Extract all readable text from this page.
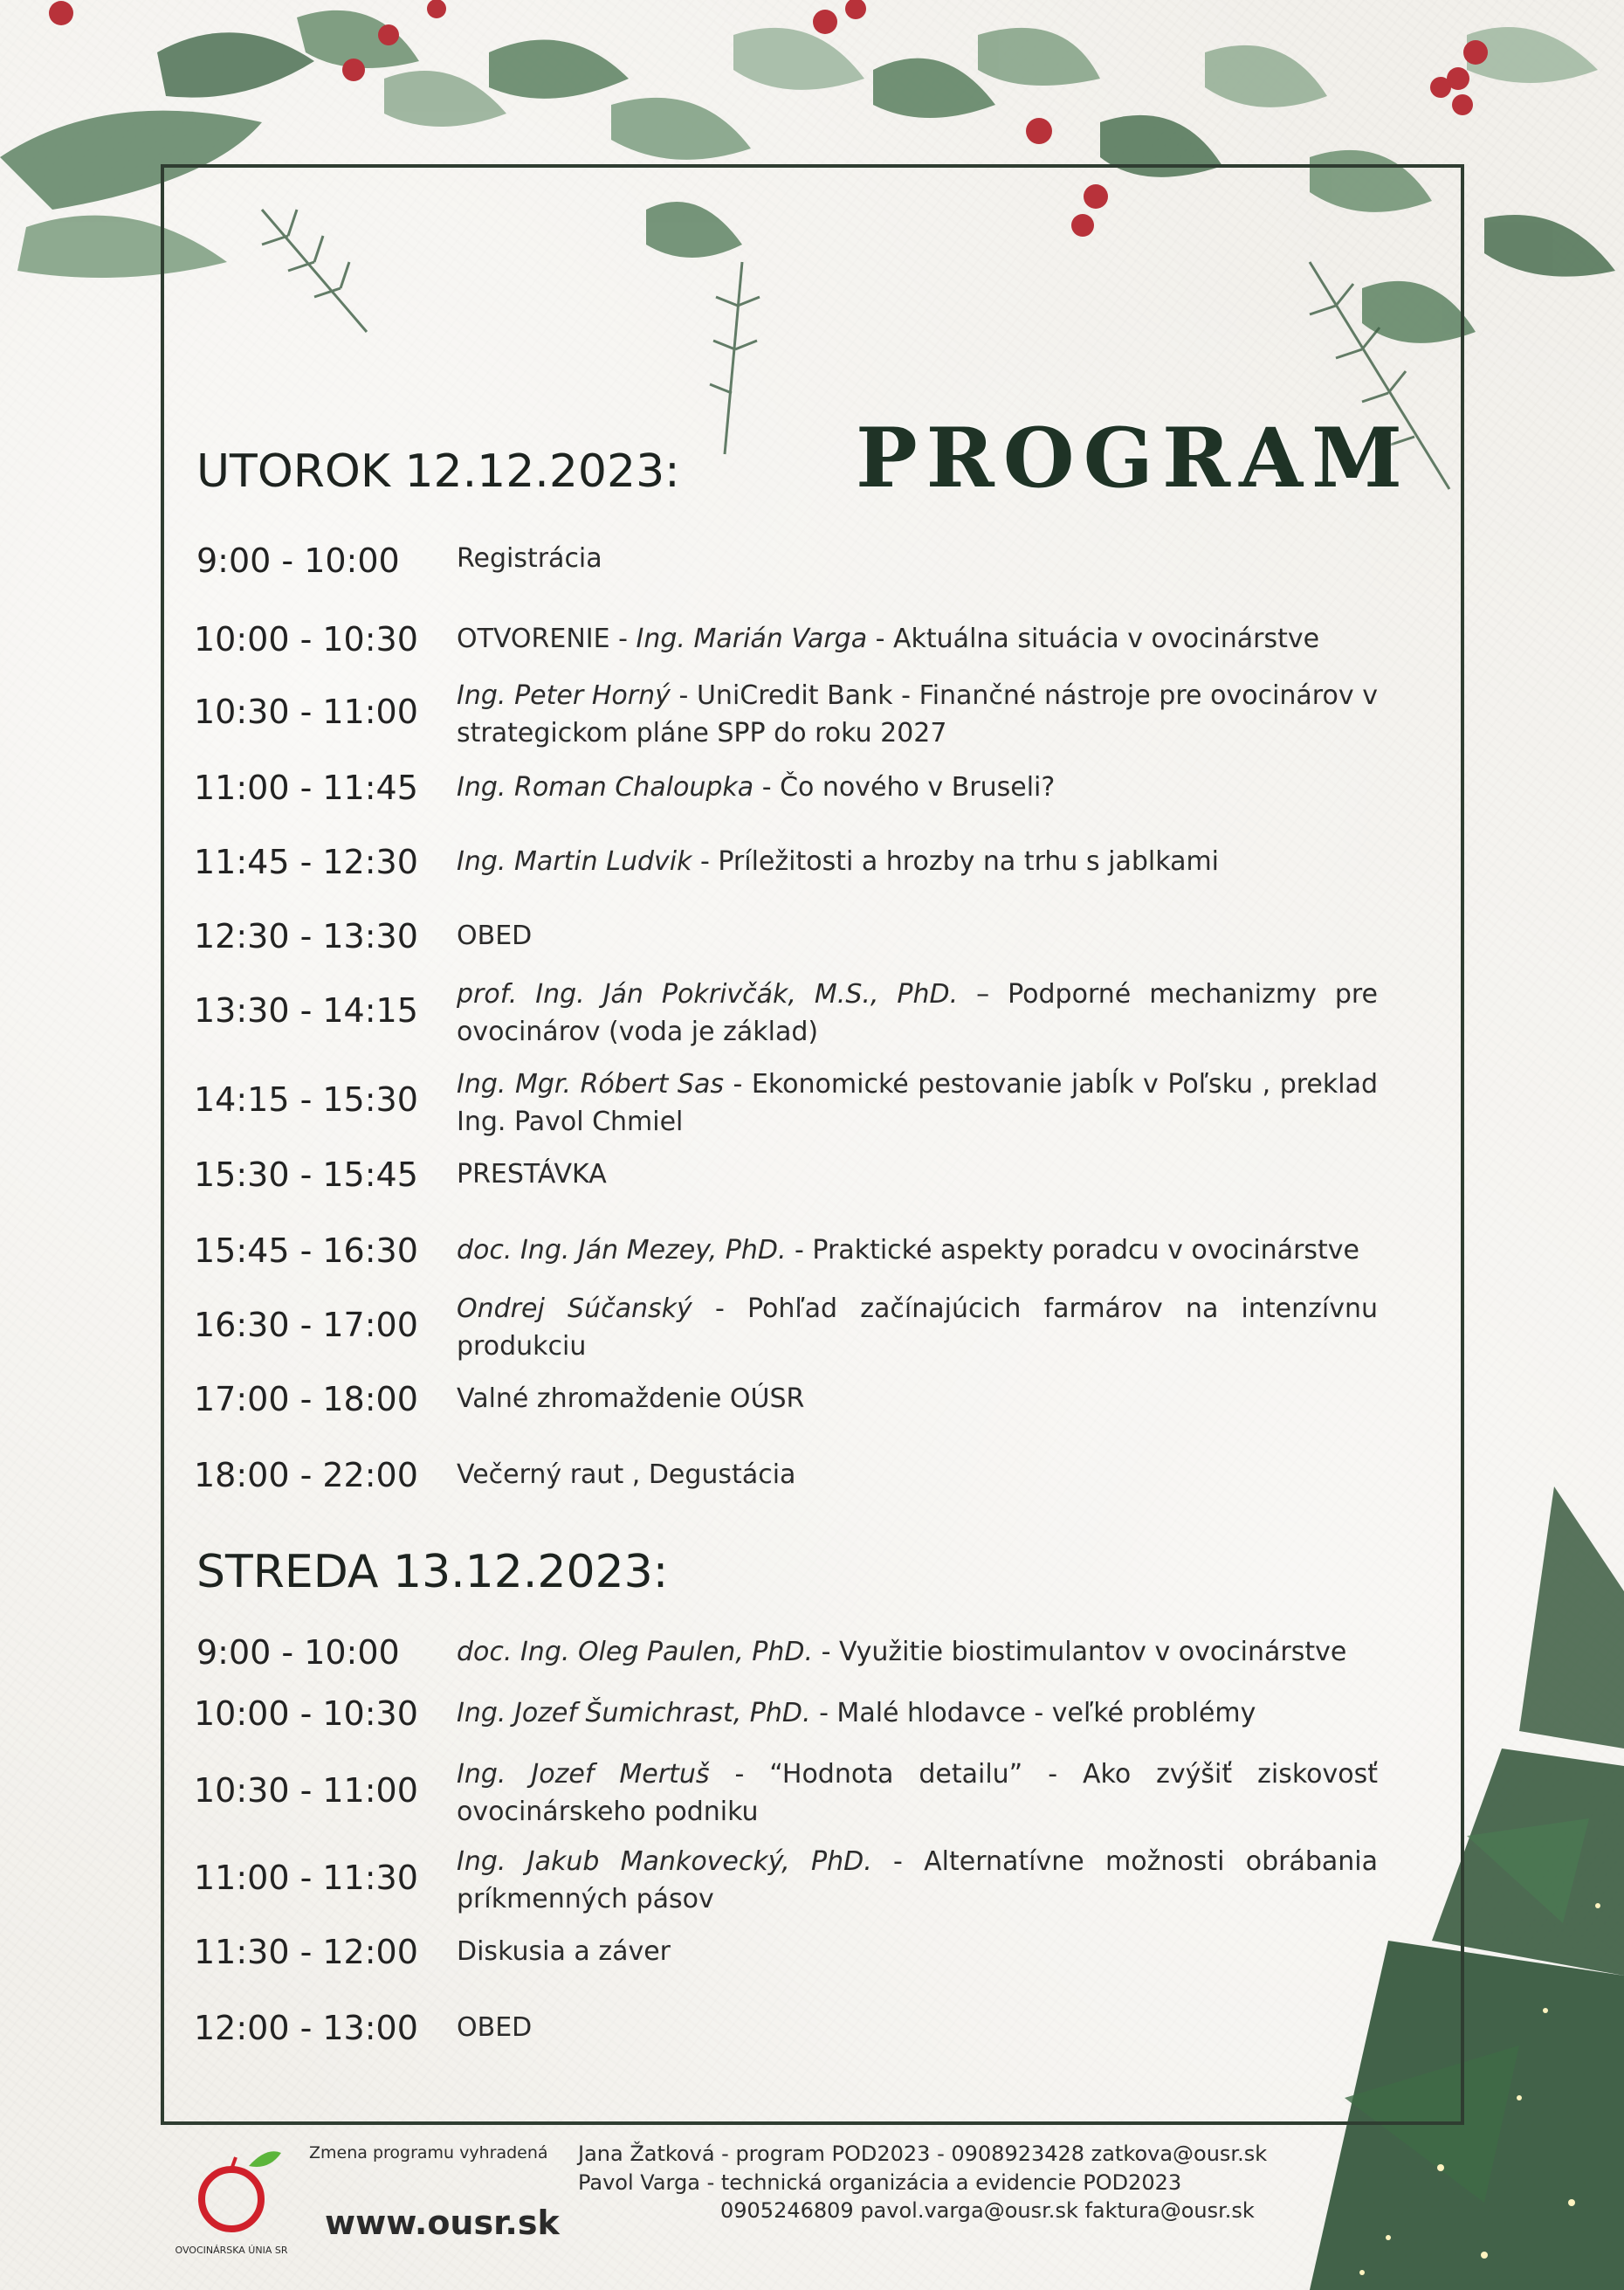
PROGRAM
UTOROK 12.12.2023:
9:00 - 10:00	Registrácia
10:00 - 10:30	OTVORENIE - Ing. Marián Varga - Aktuálna situácia v ovocinárstve
10:30 - 11:00	Ing. Peter Horný - UniCredit Bank - Finančné nástroje pre ovocinárov v strategickom pláne SPP do roku 2027
11:00 - 11:45	Ing. Roman Chaloupka - Čo nového v Bruseli?
11:45 - 12:30	Ing. Martin Ludvik - Príležitosti a hrozby na trhu s jablkami
12:30 - 13:30	OBED
13:30 - 14:15	prof. Ing. Ján Pokrivčák, M.S., PhD. – Podporné mechanizmy pre ovocinárov (voda je základ)
14:15 - 15:30	Ing. Mgr. Róbert Sas - Ekonomické pestovanie jabĺk v Poľsku , preklad Ing. Pavol Chmiel
15:30 - 15:45	PRESTÁVKA
15:45 - 16:30	doc. Ing. Ján Mezey, PhD. - Praktické aspekty poradcu v ovocinárstve
16:30 - 17:00	Ondrej Súčanský - Pohľad začínajúcich farmárov na intenzívnu produkciu
17:00 - 18:00	Valné zhromaždenie OÚSR
18:00 - 22:00	Večerný raut , Degustácia
STREDA 13.12.2023:
9:00 - 10:00	doc. Ing. Oleg Paulen, PhD. - Využitie biostimulantov v ovocinárstve
10:00 - 10:30	Ing. Jozef Šumichrast, PhD. - Malé hlodavce - veľké problémy
10:30 - 11:00	Ing. Jozef Mertuš - “Hodnota detailu” - Ako zvýšiť ziskovosť ovocinárskeho podniku
11:00 - 11:30	Ing. Jakub Mankovecký, PhD. - Alternatívne možnosti obrábania príkmenných pásov
11:30 - 12:00	Diskusia a záver
12:00 - 13:00	OBED
OVOCINÁRSKA ÚNIA SR
Zmena programu vyhradená
www.ousr.sk
Jana Žatková - program POD2023 - 0908923428 zatkova@ousr.sk
Pavol Varga - technická organizácia a evidencie POD2023
0905246809 pavol.varga@ousr.sk faktura@ousr.sk
